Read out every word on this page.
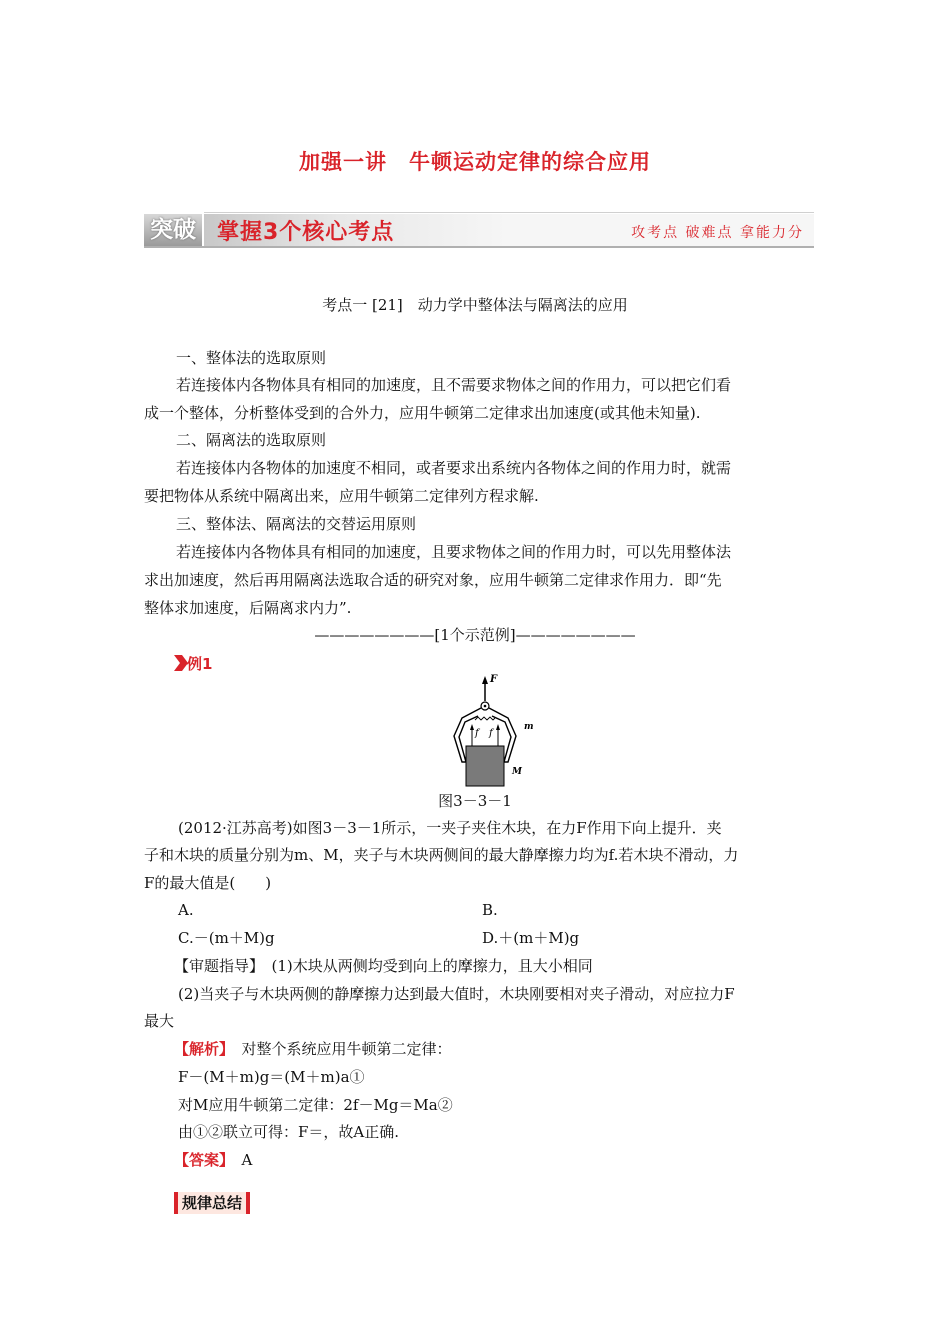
加强一讲　牛顿运动定律的综合应用
突破 掌握3个核心考点	攻考点 破难点 拿能力分
考点一 [21]　动力学中整体法与隔离法的应用
一、整体法的选取原则
若连接体内各物体具有相同的加速度，且不需要求物体之间的作用力，可以把它们看
成一个整体，分析整体受到的合外力，应用牛顿第二定律求出加速度(或其他未知量).
二、隔离法的选取原则
若连接体内各物体的加速度不相同，或者要求出系统内各物体之间的作用力时，就需
要把物体从系统中隔离出来，应用牛顿第二定律列方程求解.
三、整体法、隔离法的交替运用原则
若连接体内各物体具有相同的加速度，且要求物体之间的作用力时，可以先用整体法
求出加速度，然后再用隔离法选取合适的研究对象，应用牛顿第二定律求作用力．即“先
整体求加速度，后隔离求内力”.
————————[1个示范例]————————
例1
F
f f
m
M
图3－3－1
(2012·江苏高考)如图3－3－1所示，一夹子夹住木块，在力F作用下向上提升．夹
子和木块的质量分别为m、M，夹子与木块两侧间的最大静摩擦力均为f.若木块不滑动，力
F的最大值是(　　)
A.	B.
C.－(m＋M)g	D.＋(m＋M)g
【审题指导】　(1)木块从两侧均受到向上的摩擦力，且大小相同
(2)当夹子与木块两侧的静摩擦力达到最大值时，木块刚要相对夹子滑动，对应拉力F
最大
【解析】　对整个系统应用牛顿第二定律：
F－(M＋m)g＝(M＋m)a①
对M应用牛顿第二定律：2f－Mg＝Ma②
由①②联立可得：F＝，故A正确.
【答案】　A
规律总结
